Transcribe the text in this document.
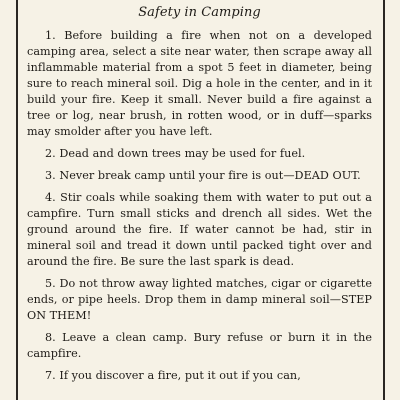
Safety in Camping

1. Before building a fire when not on a developed camping area, select a site near water, then scrape away all inflammable material from a spot 5 feet in diameter, being sure to reach mineral soil. Dig a hole in the center, and in it build your fire. Keep it small. Never build a fire against a tree or log, near brush, in rotten wood, or in duff—sparks may smolder after you have left.

2. Dead and down trees may be used for fuel.

3. Never break camp until your fire is out—DEAD OUT.

4. Stir coals while soaking them with water to put out a campfire. Turn small sticks and drench all sides. Wet the ground around the fire. If water cannot be had, stir in mineral soil and tread it down until packed tight over and around the fire. Be sure the last spark is dead.

5. Do not throw away lighted matches, cigar or cigarette ends, or pipe heels. Drop them in damp mineral soil—STEP ON THEM!

8. Leave a clean camp. Bury refuse or burn it in the campfire.

7. If you discover a fire, put it out if you can,
